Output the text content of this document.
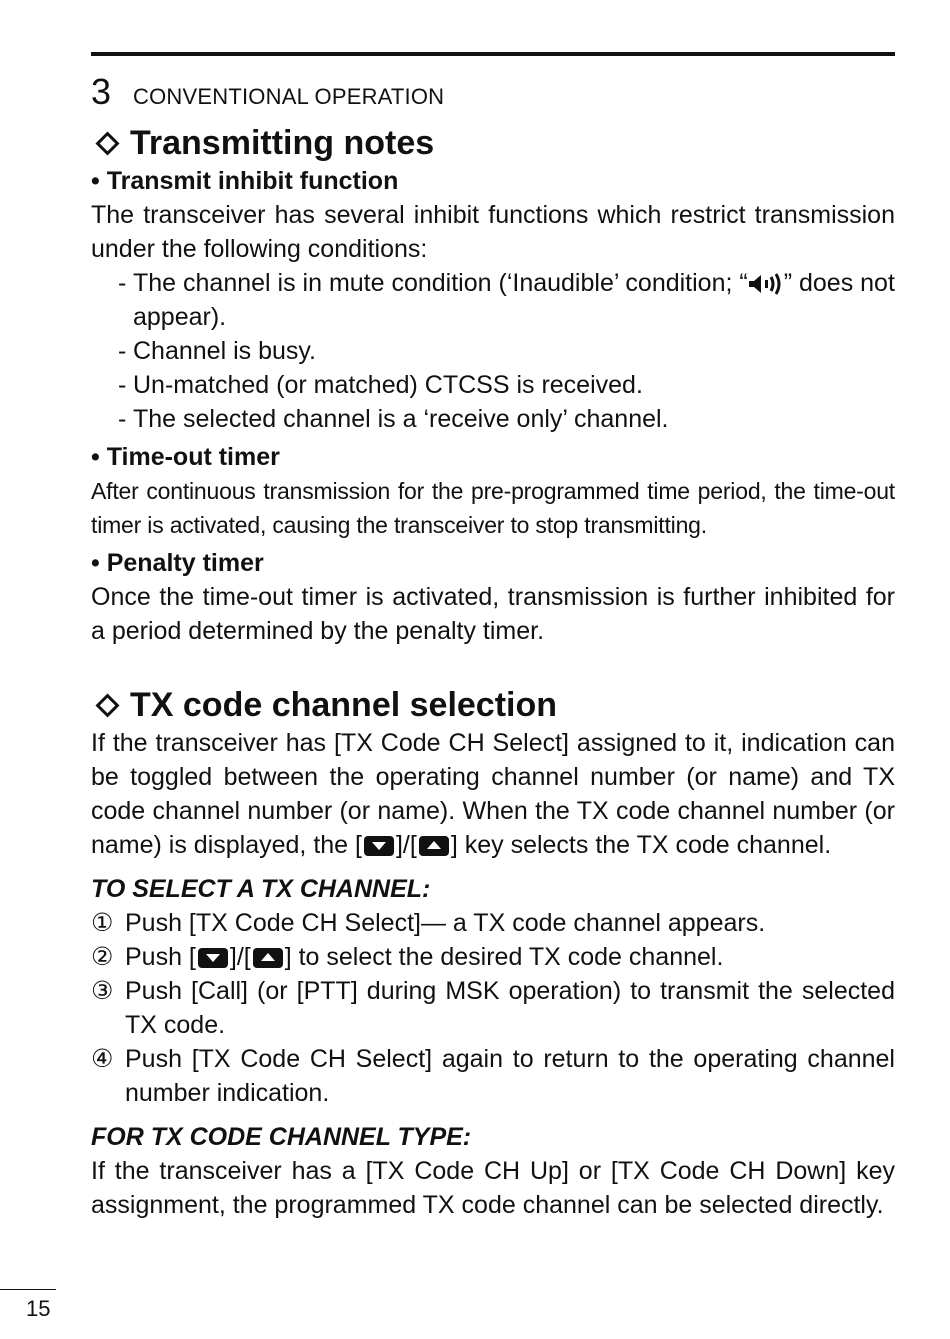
3 CONVENTIONAL OPERATION
Transmitting notes
• Transmit inhibit function

The transceiver has several inhibit functions which restrict transmission under the following conditions:

- The channel is in mute condition (‘Inaudible’ condition; “ ” does not appear).
- Channel is busy.
- Un-matched (or matched) CTCSS is received.
- The selected channel is a ‘receive only’ channel.
• Time-out timer

After continuous transmission for the pre-programmed time period, the time-out timer is activated, causing the transceiver to stop transmitting.

• Penalty timer

Once the time-out timer is activated, transmission is further inhibited for a period determined by the penalty timer.

TX code channel selection

If the transceiver has [TX Code CH Select] assigned to it, indication can be toggled between the operating channel number (or name) and TX code channel number (or name). When the TX code channel number (or name) is displayed, the [ ]/[ ] key selects the TX code channel.

TO SELECT A TX CHANNEL:
① Push [TX Code CH Select]— a TX code channel appears.
② Push [ ]/[ ] to select the desired TX code channel.
③ Push [Call] (or [PTT] during MSK operation) to transmit the selected TX code.
④ Push [TX Code CH Select] again to return to the operating channel number indication.
FOR TX CODE CHANNEL TYPE:

If the transceiver has a [TX Code CH Up] or [TX Code CH Down] key assignment, the programmed TX code channel can be selected directly.

15
